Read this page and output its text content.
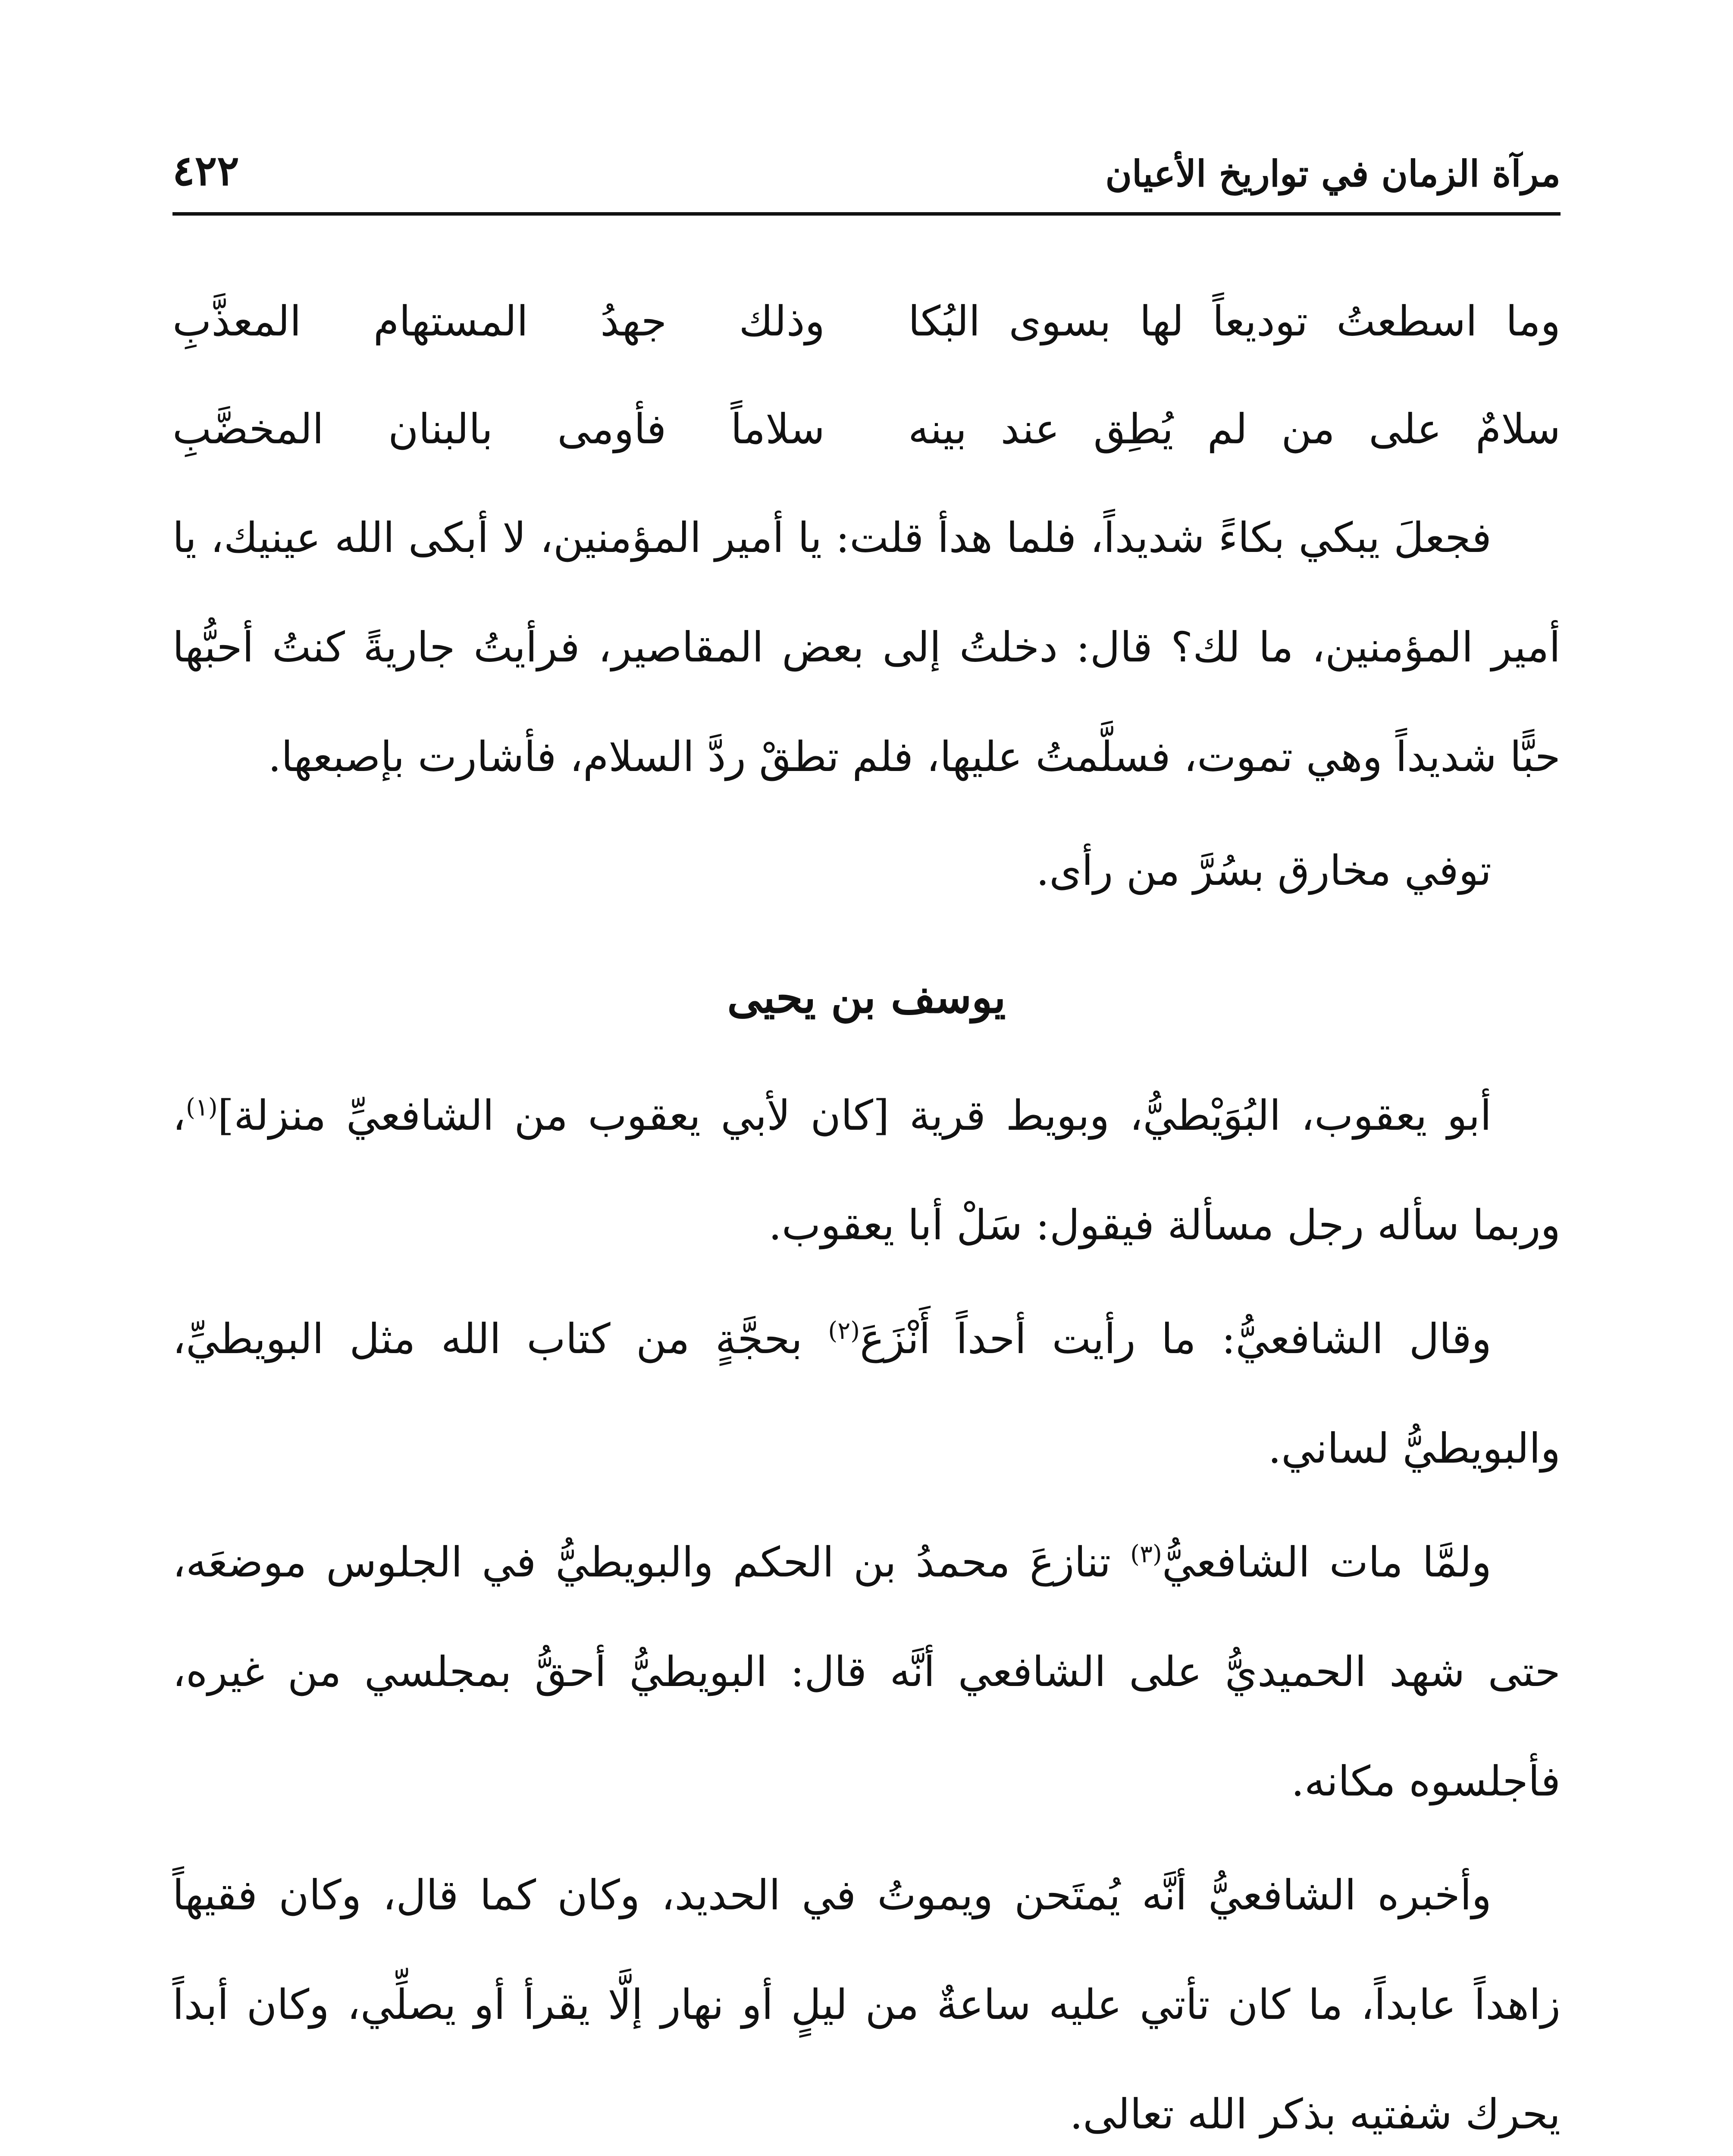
مرآة الزمان في تواريخ الأعيان
٤٢٢
وما اسطعتُ توديعاً لها بسوى البُكا
وذلك جهدُ المستهام المعذَّبِ
سلامٌ على من لم يُطِق عند بينه
سلاماً فأومى بالبنان المخضَّبِ

فجعلَ يبكي بكاءً شديداً، فلما هدأ قلت: يا أمير المؤمنين، لا أبكى الله عينيك، يا أمير المؤمنين، ما لك؟ قال: دخلتُ إلى بعض المقاصير، فرأيتُ جاريةً كنتُ أحبُّها حبًّا شديداً وهي تموت، فسلَّمتُ عليها، فلم تطقْ ردَّ السلام، فأشارت بإصبعها.

توفي مخارق بسُرَّ من رأى.

يوسف بن يحيى

أبو يعقوب، البُوَيْطيُّ، وبويط قرية [كان لأبي يعقوب من الشافعيِّ منزلة]$^{(١)}$، وربما سأله رجل مسألة فيقول: سَلْ أبا يعقوب.

وقال الشافعيُّ: ما رأيت أحداً أَنْزَعَ$^{(٢)}$ بحجَّةٍ من كتاب الله مثل البويطيِّ، والبويطيُّ لساني.

ولمَّا مات الشافعيُّ$^{(٣)}$ تنازعَ محمدُ بن الحكم والبويطيُّ في الجلوس موضعَه، حتى شهد الحميديُّ على الشافعي أنَّه قال: البويطيُّ أحقُّ بمجلسي من غيره، فأجلسوه مكانه.

وأخبره الشافعيُّ أنَّه يُمتَحن ويموتُ في الحديد، وكان كما قال، وكان فقيهاً زاهداً عابداً، ما كان تأتي عليه ساعةٌ من ليلٍ أو نهار إلَّا يقرأ أو يصلِّي، وكان أبداً يحرك شفتيه بذكر الله تعالى.
